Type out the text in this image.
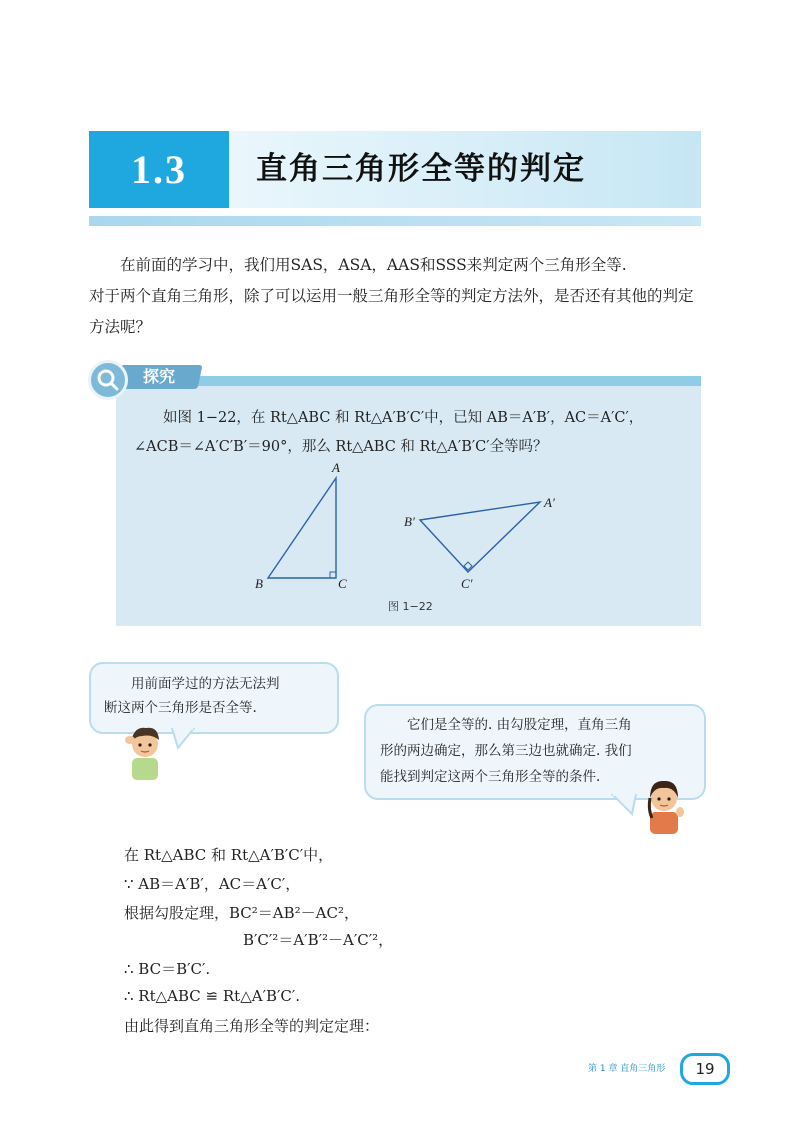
1.3	直角三角形全等的判定

在前面的学习中，我们用SAS，ASA，AAS和SSS来判定两个三角形全等.

对于两个直角三角形，除了可以运用一般三角形全等的判定方法外，是否还有其他的判定方法呢？

探究

如图 1−22，在 Rt△ABC 和 Rt△A′B′C′中，已知 AB＝A′B′，AC＝A′C′，

∠ACB＝∠A′C′B′＝90°，那么 Rt△ABC 和 Rt△A′B′C′全等吗？

A
B	C
A′
B′
C′
图 1−22

用前面学过的方法无法判

断这两个三角形是否全等.

它们是全等的. 由勾股定理，直角三角

形的两边确定，那么第三边也就确定. 我们

能找到判定这两个三角形全等的条件.

在 Rt△ABC 和 Rt△A′B′C′中，
∵ AB＝A′B′，AC＝A′C′，
根据勾股定理，BC²＝AB²－AC²，
B′C′²＝A′B′²－A′C′²，
∴ BC＝B′C′.
∴ Rt△ABC ≌ Rt△A′B′C′.
由此得到直角三角形全等的判定定理：
第 1 章 直角三角形	19
